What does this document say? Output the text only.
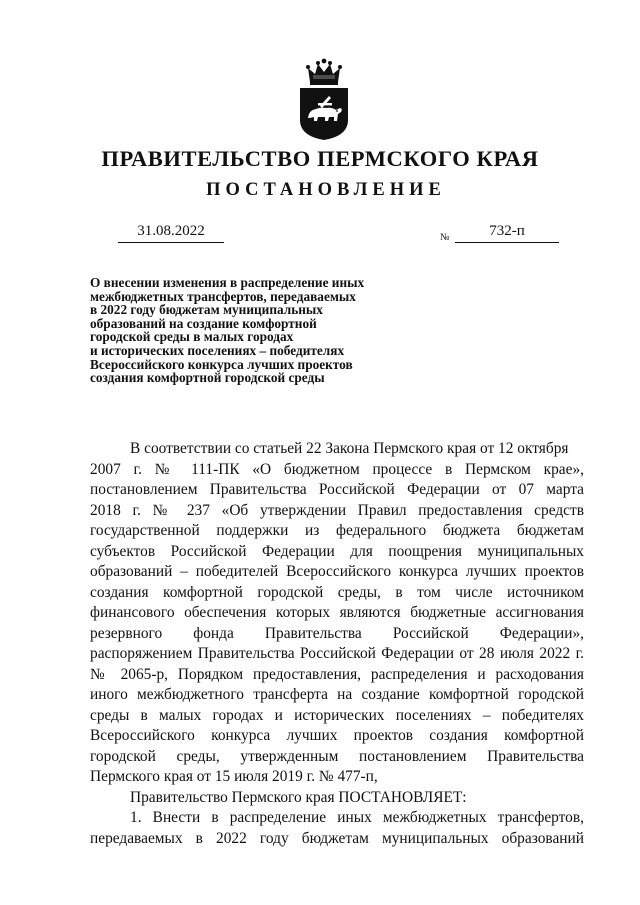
ПРАВИТЕЛЬСТВО ПЕРМСКОГО КРАЯ
ПОСТАНОВЛЕНИЕ
31.08.2022	№	732-п
О внесении изменения в распределение иных
межбюджетных трансфертов, передаваемых
в 2022 году бюджетам муниципальных
образований на создание комфортной
городской среды в малых городах
и исторических поселениях – победителях
Всероссийского конкурса лучших проектов
создания комфортной городской среды
В соответствии со статьей 22 Закона Пермского края от 12 октября
2007 г. № 111-ПК «О бюджетном процессе в Пермском крае»,
постановлением Правительства Российской Федерации от 07 марта
2018 г. № 237 «Об утверждении Правил предоставления средств
государственной поддержки из федерального бюджета бюджетам
субъектов Российской Федерации для поощрения муниципальных
образований – победителей Всероссийского конкурса лучших проектов
создания комфортной городской среды, в том числе источником
финансового обеспечения которых являются бюджетные ассигнования
резервного фонда Правительства Российской Федерации»,
распоряжением Правительства Российской Федерации от 28 июля 2022 г.
№ 2065-р, Порядком предоставления, распределения и расходования
иного межбюджетного трансферта на создание комфортной городской
среды в малых городах и исторических поселениях – победителях
Всероссийского конкурса лучших проектов создания комфортной
городской среды, утвержденным постановлением Правительства
Пермского края от 15 июля 2019 г. № 477-п,
Правительство Пермского края ПОСТАНОВЛЯЕТ:
1. Внести в распределение иных межбюджетных трансфертов,
передаваемых в 2022 году бюджетам муниципальных образований
